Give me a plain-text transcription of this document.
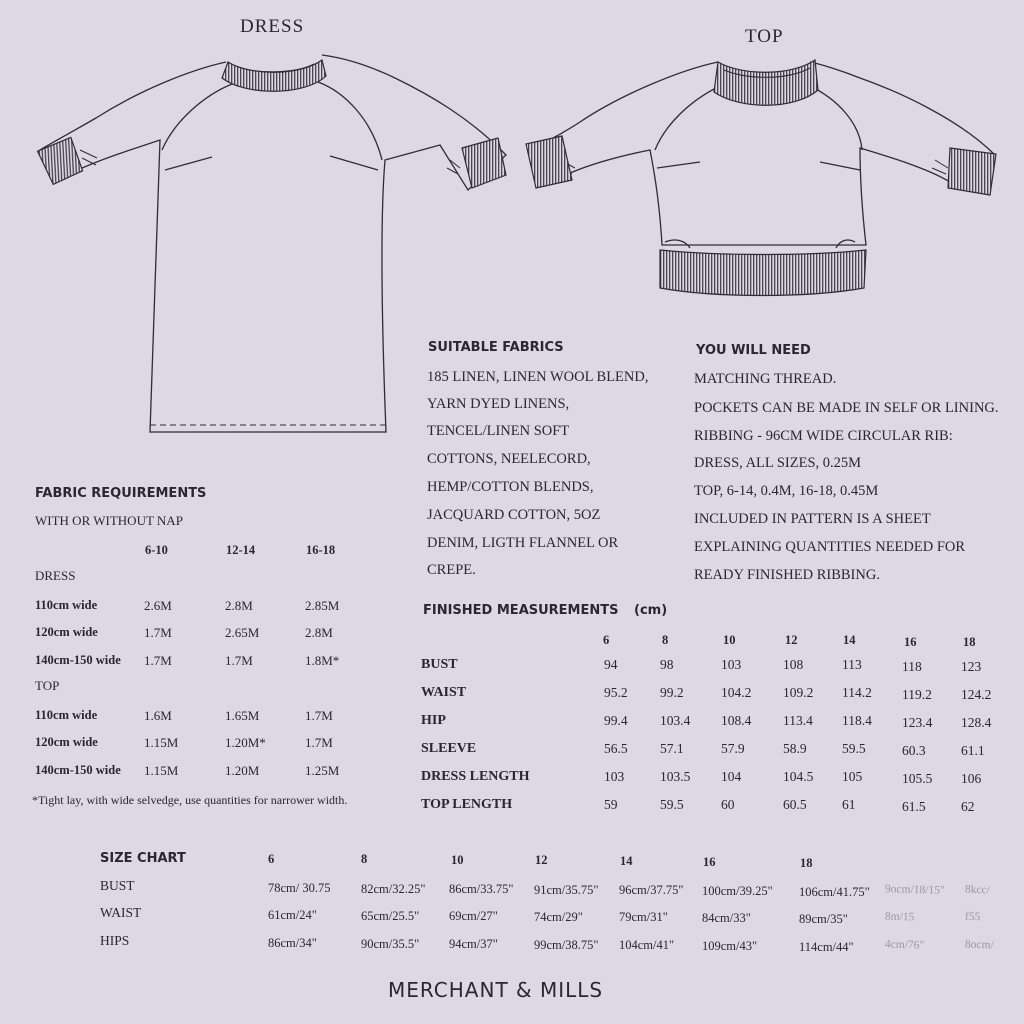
DRESS	TOP
SUITABLE FABRICS
185 LINEN, LINEN WOOL BLEND,
YARN DYED LINENS,
TENCEL/LINEN SOFT
COTTONS, NEELECORD,
HEMP/COTTON BLENDS,
JACQUARD COTTON, 5OZ
DENIM, LIGTH FLANNEL OR
CREPE.
YOU WILL NEED
MATCHING THREAD.
POCKETS CAN BE MADE IN SELF OR LINING.
RIBBING - 96CM WIDE CIRCULAR RIB:
DRESS, ALL SIZES, 0.25M
TOP, 6-14, 0.4M, 16-18, 0.45M
INCLUDED IN PATTERN IS A SHEET
EXPLAINING QUANTITIES NEEDED FOR
READY FINISHED RIBBING.
FABRIC REQUIREMENTS
WITH OR WITHOUT NAP
6-10	12-14	16-18
DRESS
110cm wide	2.6M	2.8M	2.85M
120cm wide	1.7M	2.65M	2.8M
140cm-150 wide 1.7M	1.7M	1.8M*
TOP
110cm wide	1.6M	1.65M	1.7M
120cm wide	1.15M	1.20M*	1.7M
140cm-150 wide 1.15M	1.20M	1.25M
*Tight lay, with wide selvedge, use quantities for narrower width.
FINISHED MEASUREMENTS (cm)
6	8	10	12	14	16	18
BUST	94	98	103	108	113	118	123
WAIST	95.2 99.2	104.2 109.2 114.2 119.2 124.2
HIP	99.4 103.4 108.4 113.4 118.4 123.4 128.4
SLEEVE	56.5 57.1	57.9	58.9	59.5	60.3	61.1
DRESS LENGTH	103	103.5 104	104.5 105	105.5 106
TOP LENGTH	59	59.5	60	60.5	61	61.5	62
SIZE CHART	6	8	10	12	14	16	18
BUST	78cm/ 30.75 82cm/32.25" 86cm/33.75" 91cm/35.75" 96cm/37.75" 100cm/39.25" 106cm/41.75" 9ocm/18/15" 8kcc/
WAIST	61cm/24"	65cm/25.5" 69cm/27"	74cm/29"	79cm/31"	84cm/33"	89cm/35"	8m/15	f55
HIPS	86cm/34"	90cm/35.5" 94cm/37"	99cm/38.75" 104cm/41" 109cm/43"	114cm/44"	4cm/76"	8ocm/
MERCHANT & MILLS
